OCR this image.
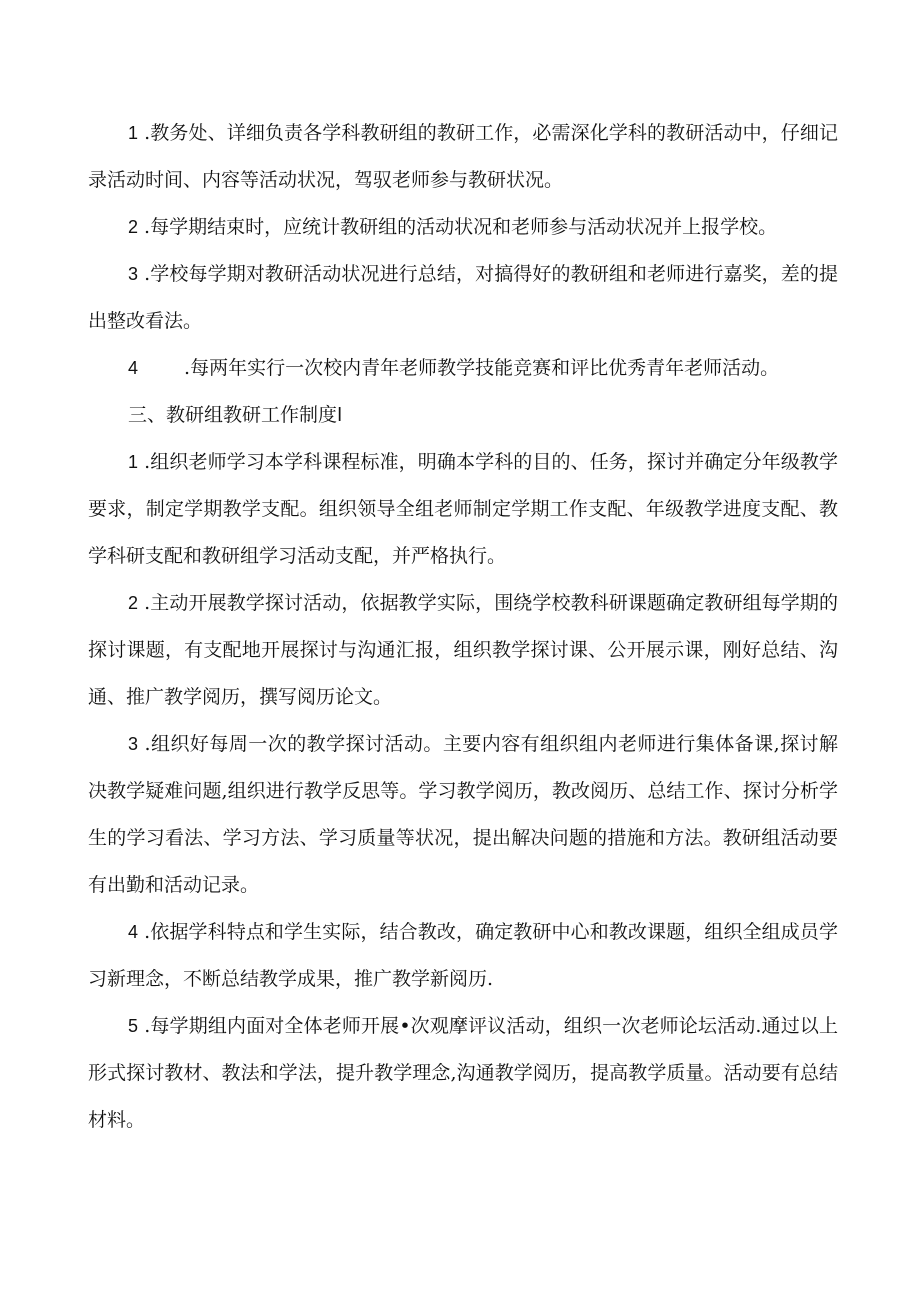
1 .教务处、详细负责各学科教研组的教研工作，必需深化学科的教研活动中，仔细记录活动时间、内容等活动状况，驾驭老师参与教研状况。

2 .每学期结束时，应统计教研组的活动状况和老师参与活动状况并上报学校。

3 .学校每学期对教研活动状况进行总结，对搞得好的教研组和老师进行嘉奖，差的提出整改看法。

4 .每两年实行一次校内青年老师教学技能竞赛和评比优秀青年老师活动。

三、教研组教研工作制度l

1 .组织老师学习本学科课程标准，明确本学科的目的、任务，探讨并确定分年级教学要求，制定学期教学支配。组织领导全组老师制定学期工作支配、年级教学进度支配、教学科研支配和教研组学习活动支配，并严格执行。

2 .主动开展教学探讨活动，依据教学实际，围绕学校教科研课题确定教研组每学期的探讨课题，有支配地开展探讨与沟通汇报，组织教学探讨课、公开展示课，刚好总结、沟通、推广教学阅历，撰写阅历论文。

3 .组织好每周一次的教学探讨活动。主要内容有组织组内老师进行集体备课,探讨解决教学疑难问题,组织进行教学反思等。学习教学阅历，教改阅历、总结工作、探讨分析学生的学习看法、学习方法、学习质量等状况，提出解决问题的措施和方法。教研组活动要有出勤和活动记录。

4 .依据学科特点和学生实际，结合教改，确定教研中心和教改课题，组织全组成员学习新理念，不断总结教学成果，推广教学新阅历.

5 .每学期组内面对全体老师开展•次观摩评议活动，组织一次老师论坛活动.通过以上形式探讨教材、教法和学法，提升教学理念,沟通教学阅历，提高教学质量。活动要有总结材料。
